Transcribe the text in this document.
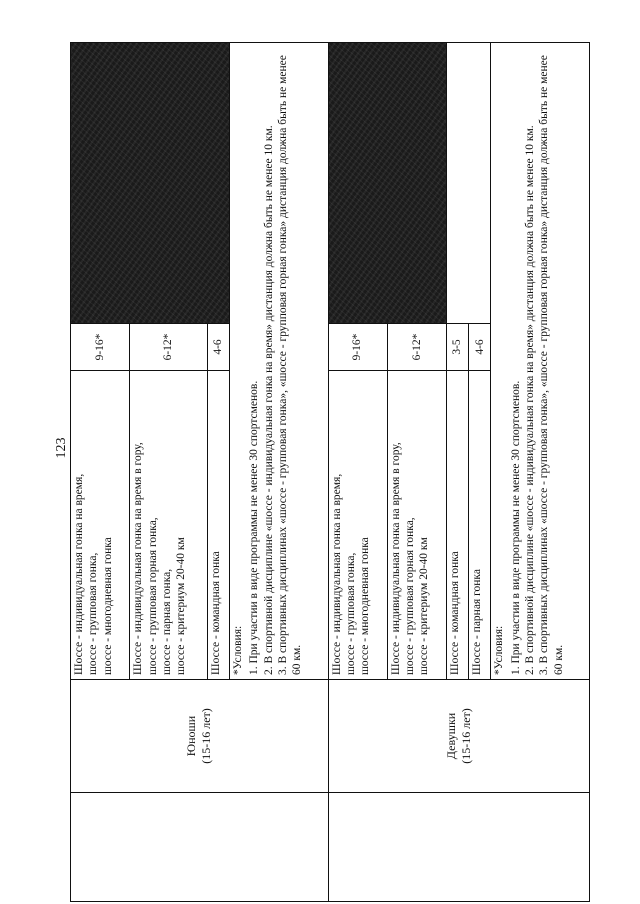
123

	Юноши (15-16 лет)	Шоссе - индивидуальная гонка на время, шоссе - групповая гонка, шоссе - многодневная гонка	9-16*	

		Шоссе - индивидуальная гонка на время в гору, шоссе - групповая горная гонка, шоссе - парная гонка, шоссе - критериум 20-40 км	6-12*	

		Шоссе - командная гонка	4-6	

		*Условия: 1. При участии в виде программы не менее 30 спортсменов. 2. В спортивной дисциплине «шоссе - индивидуальная гонка на время» дистанция должна быть не менее 10 км. 3. В спортивных дисциплинах «шоссе - групповая гонка», «шоссе - групповая горная гонка» дистанция должна быть не менее 60 км.		

	Девушки (15-16 лет)	Шоссе - индивидуальная гонка на время, шоссе - групповая гонка, шоссе - многодневная гонка	9-16*	

		Шоссе - индивидуальная гонка на время в гору, шоссе - групповая горная гонка, шоссе - критериум 20-40 км	6-12*	

		Шоссе - командная гонка	3-5	

		Шоссе - парная гонка	4-6	

		*Условия: 1. При участии в виде программы не менее 30 спортсменов. 2. В спортивной дисциплине «шоссе - индивидуальная гонка на время» дистанция должна быть не менее 10 км. 3. В спортивных дисциплинах «шоссе - групповая гонка», «шоссе - групповая горная гонка» дистанция должна быть не менее 60 км.		
